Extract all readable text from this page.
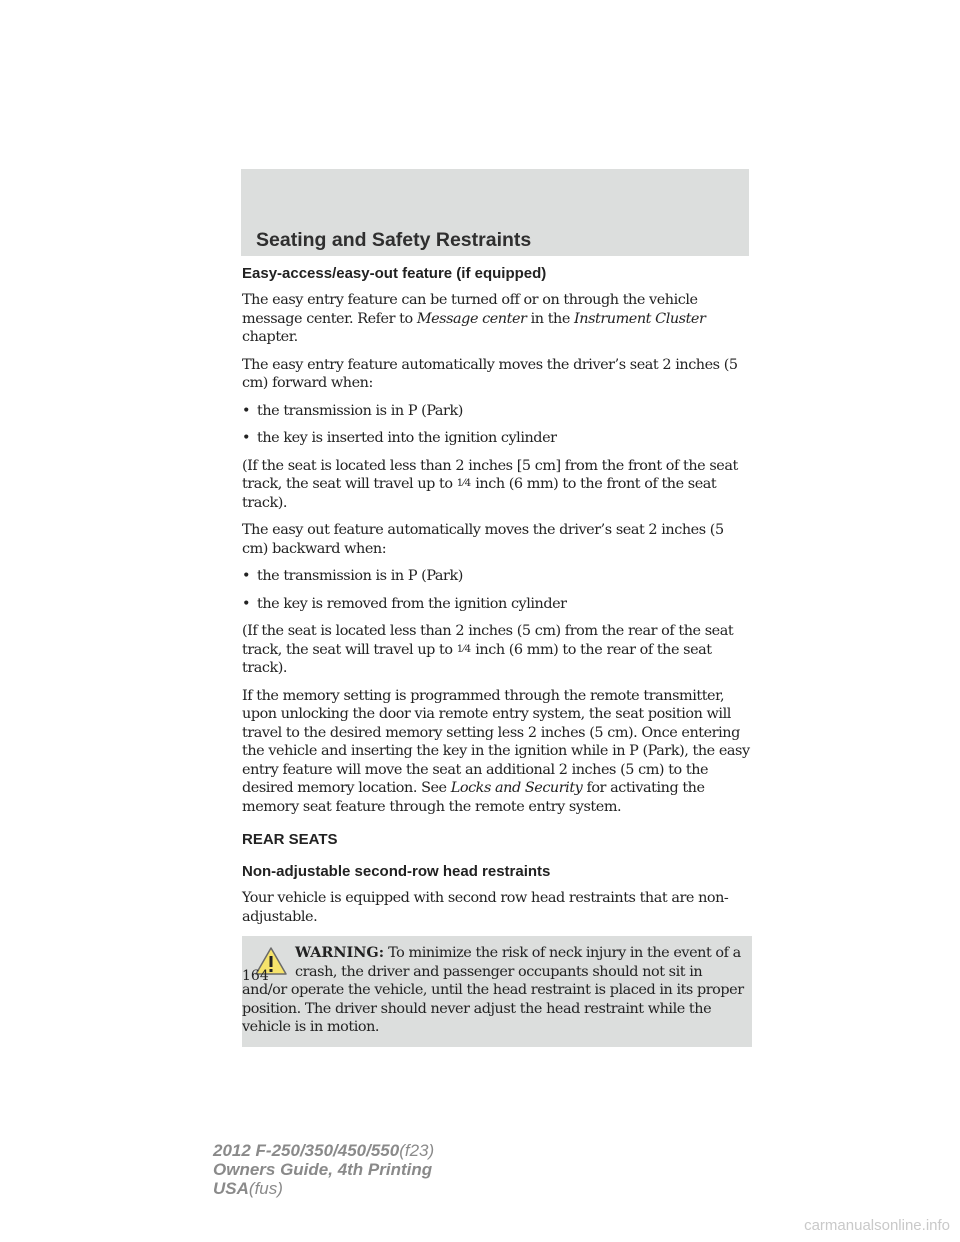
Seating and Safety Restraints
Easy-access/easy-out feature (if equipped)

The easy entry feature can be turned off or on through the vehicle message center. Refer to Message center in the Instrument Cluster chapter.

The easy entry feature automatically moves the driver’s seat 2 inches (5 cm) forward when:

• the transmission is in P (Park)
• the key is inserted into the ignition cylinder

(If the seat is located less than 2 inches [5 cm] from the front of the seat track, the seat will travel up to 1⁄4 inch (6 mm) to the front of the seat track).

The easy out feature automatically moves the driver’s seat 2 inches (5 cm) backward when:

• the transmission is in P (Park)
• the key is removed from the ignition cylinder

(If the seat is located less than 2 inches (5 cm) from the rear of the seat track, the seat will travel up to 1⁄4 inch (6 mm) to the rear of the seat track).

If the memory setting is programmed through the remote transmitter, upon unlocking the door via remote entry system, the seat position will travel to the desired memory setting less 2 inches (5 cm). Once entering the vehicle and inserting the key in the ignition while in P (Park), the easy entry feature will move the seat an additional 2 inches (5 cm) to the desired memory location. See Locks and Security for activating the memory seat feature through the remote entry system.

REAR SEATS
Non-adjustable second-row head restraints

Your vehicle is equipped with second row head restraints that are non-adjustable.

WARNING: To minimize the risk of neck injury in the event of a crash, the driver and passenger occupants should not sit in

and/or operate the vehicle, until the head restraint is placed in its proper position. The driver should never adjust the head restraint while the vehicle is in motion.

164
2012 F-250/350/450/550(f23)
Owners Guide, 4th Printing
USA(fus)
carmanualsonline.info
